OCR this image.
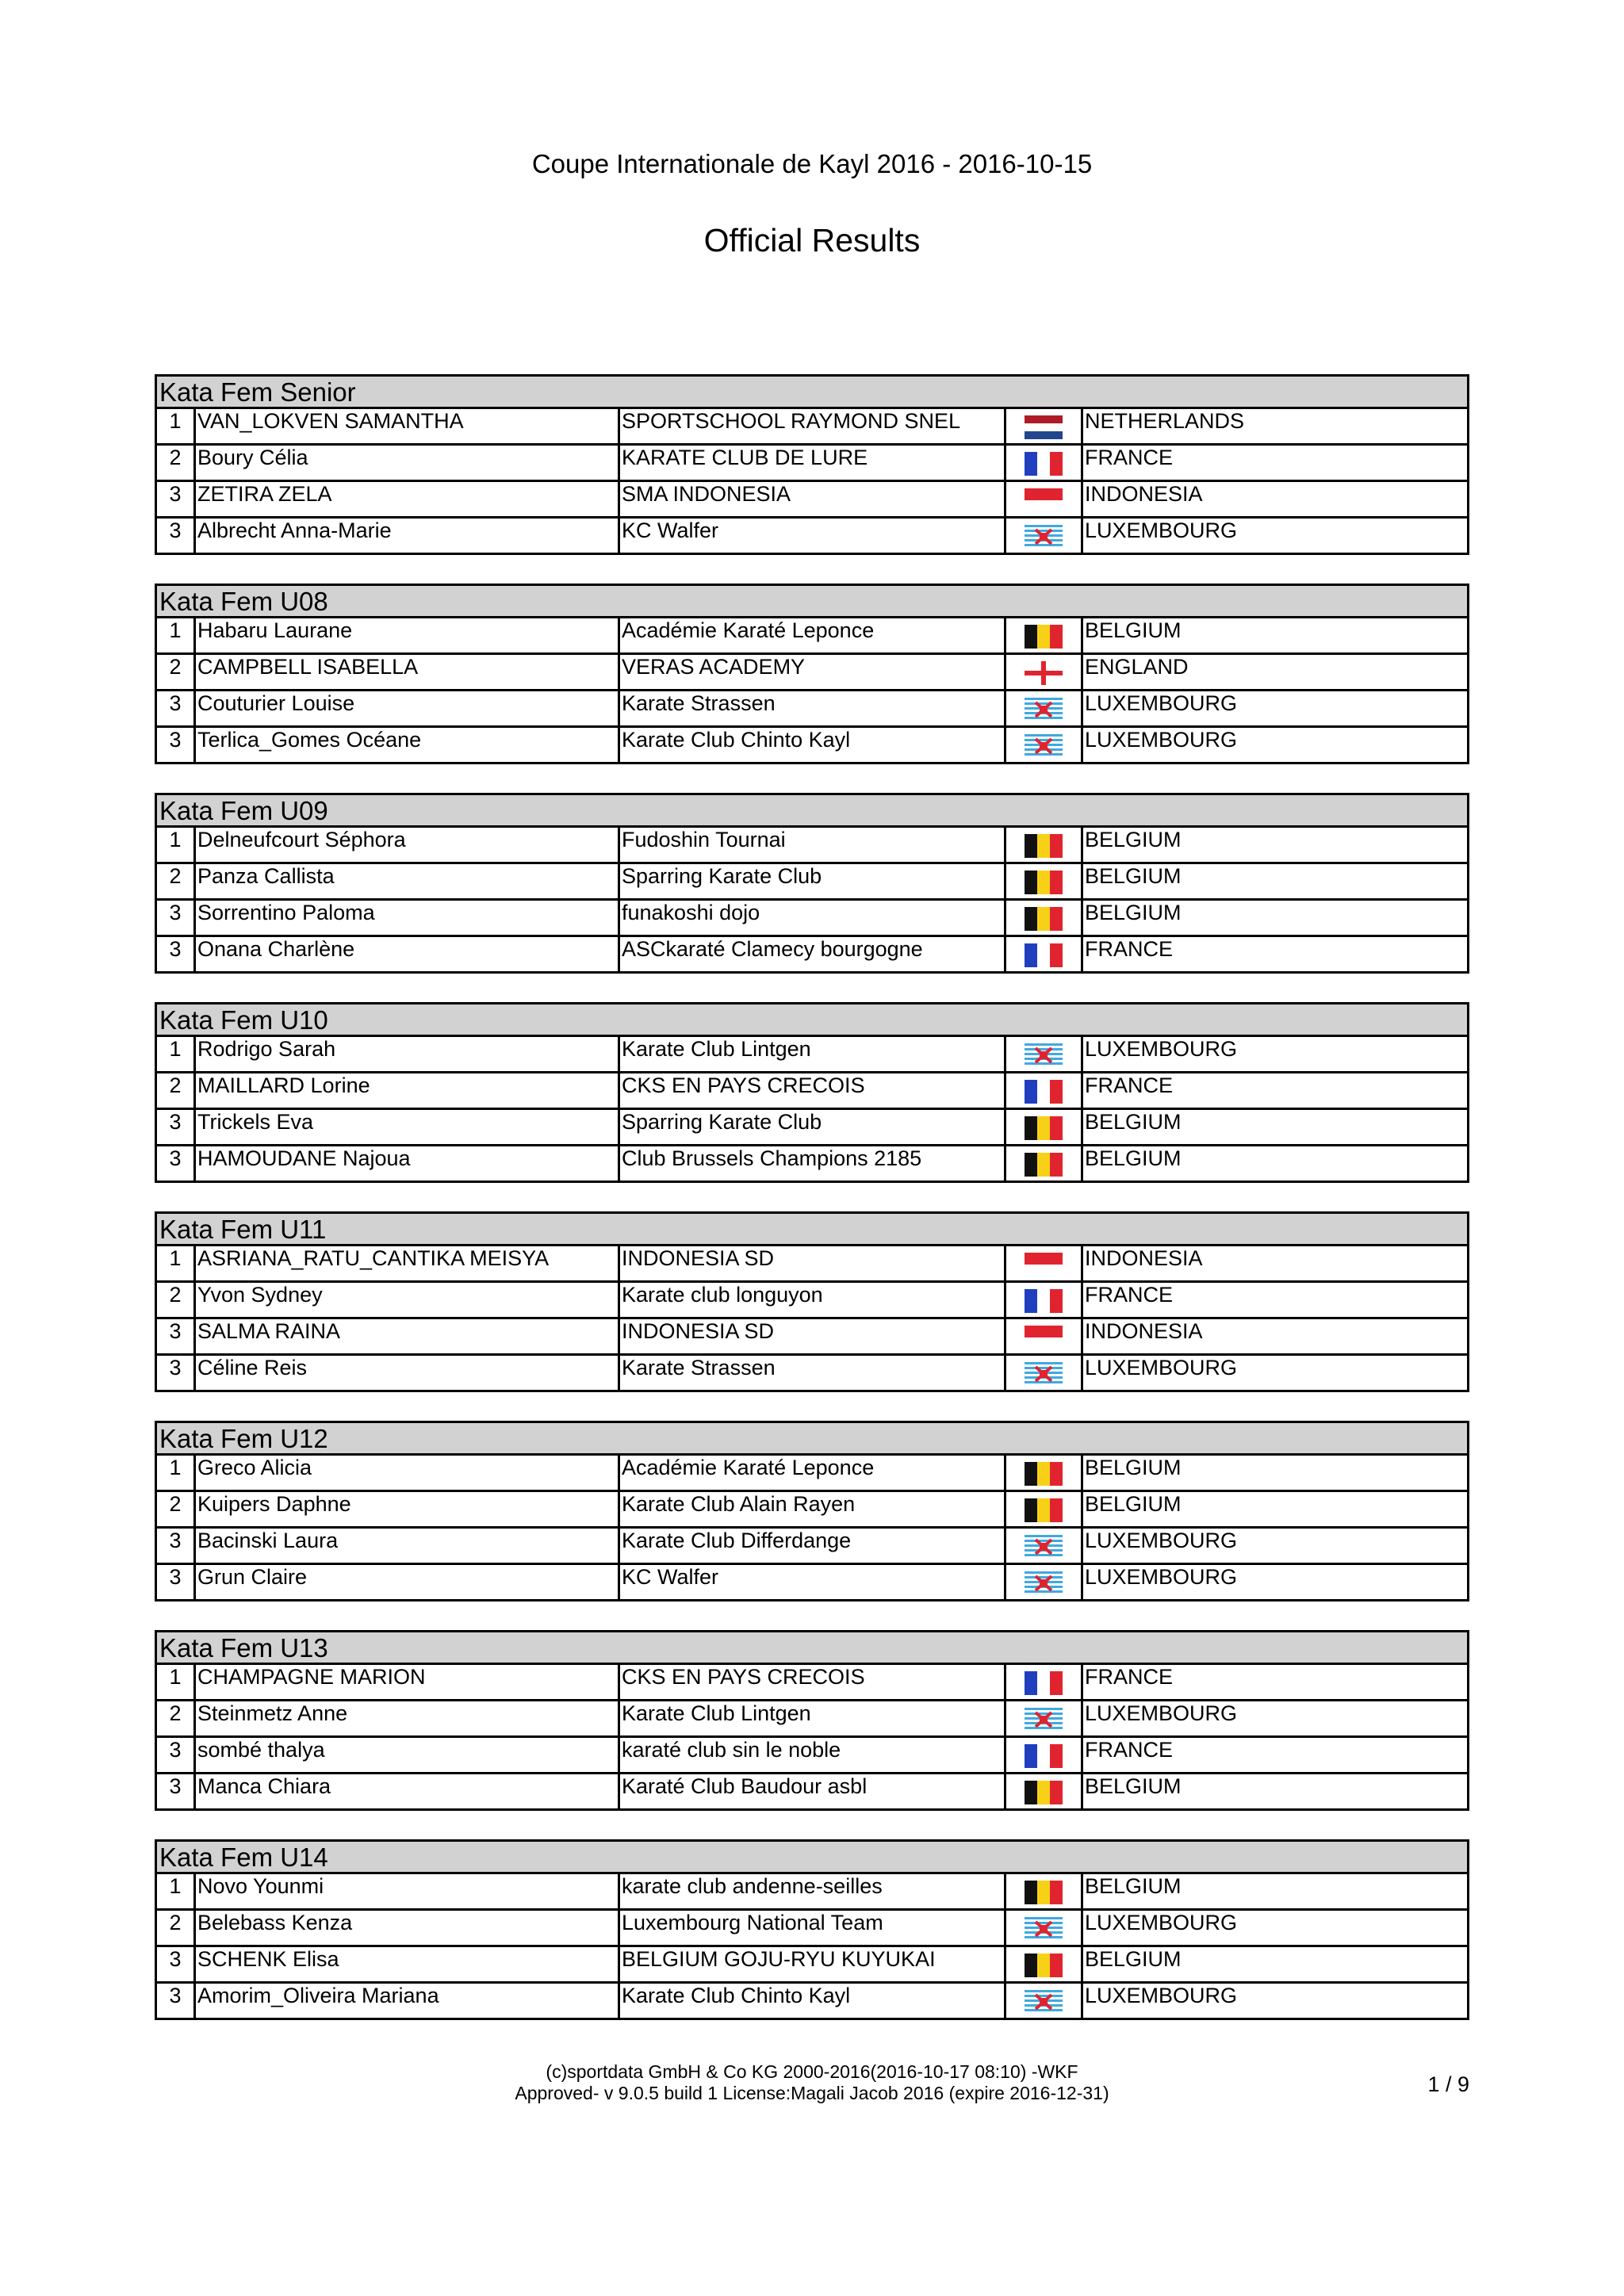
Coupe Internationale de Kayl 2016 - 2016-10-15
Official Results
Kata Fem Senior
1 VAN_LOKVEN SAMANTHA	SPORTSCHOOL RAYMOND SNEL	NETHERLANDS
2 Boury Célia	KARATE CLUB DE LURE	FRANCE
3 ZETIRA ZELA	SMA INDONESIA	INDONESIA
3 Albrecht Anna-Marie	KC Walfer	LUXEMBOURG
Kata Fem U08
1 Habaru Laurane	Académie Karaté Leponce	BELGIUM
2 CAMPBELL ISABELLA	VERAS ACADEMY	ENGLAND
3 Couturier Louise	Karate Strassen	LUXEMBOURG
3 Terlica_Gomes Océane	Karate Club Chinto Kayl	LUXEMBOURG
Kata Fem U09
1 Delneufcourt Séphora	Fudoshin Tournai	BELGIUM
2 Panza Callista	Sparring Karate Club	BELGIUM
3 Sorrentino Paloma	funakoshi dojo	BELGIUM
3 Onana Charlène	ASCkaraté Clamecy bourgogne	FRANCE
Kata Fem U10
1 Rodrigo Sarah	Karate Club Lintgen	LUXEMBOURG
2 MAILLARD Lorine	CKS EN PAYS CRECOIS	FRANCE
3 Trickels Eva	Sparring Karate Club	BELGIUM
3 HAMOUDANE Najoua	Club Brussels Champions 2185	BELGIUM
Kata Fem U11
1 ASRIANA_RATU_CANTIKA MEISYA	INDONESIA SD	INDONESIA
2 Yvon Sydney	Karate club longuyon	FRANCE
3 SALMA RAINA	INDONESIA SD	INDONESIA
3 Céline Reis	Karate Strassen	LUXEMBOURG
Kata Fem U12
1 Greco Alicia	Académie Karaté Leponce	BELGIUM
2 Kuipers Daphne	Karate Club Alain Rayen	BELGIUM
3 Bacinski Laura	Karate Club Differdange	LUXEMBOURG
3 Grun Claire	KC Walfer	LUXEMBOURG
Kata Fem U13
1 CHAMPAGNE MARION	CKS EN PAYS CRECOIS	FRANCE
2 Steinmetz Anne	Karate Club Lintgen	LUXEMBOURG
3 sombé thalya	karaté club sin le noble	FRANCE
3 Manca Chiara	Karaté Club Baudour asbl	BELGIUM
Kata Fem U14
1 Novo Younmi	karate club andenne-seilles	BELGIUM
2 Belebass Kenza	Luxembourg National Team	LUXEMBOURG
3 SCHENK Elisa	BELGIUM GOJU-RYU KUYUKAI	BELGIUM
3 Amorim_Oliveira Mariana	Karate Club Chinto Kayl	LUXEMBOURG
(c)sportdata GmbH & Co KG 2000-2016(2016-10-17 08:10) -WKF
Approved- v 9.0.5 build 1 License:Magali Jacob 2016 (expire 2016-12-31)	1 / 9
